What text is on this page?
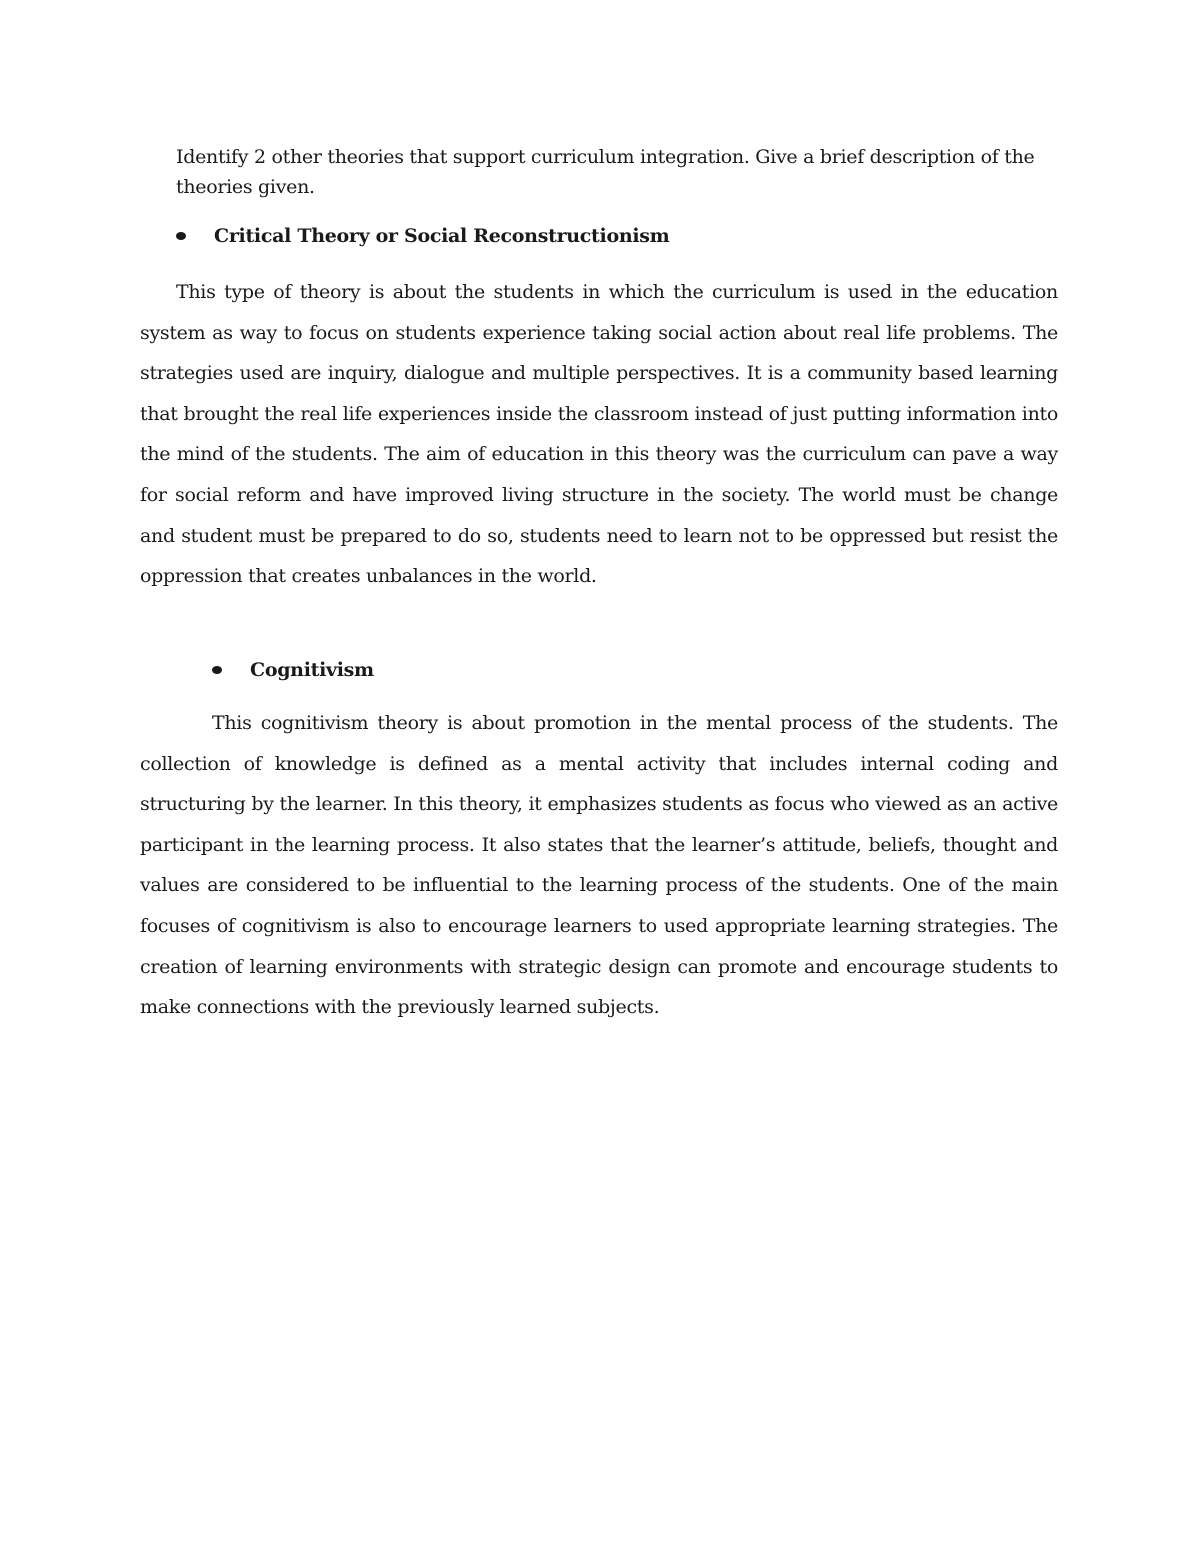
Identify 2 other theories that support curriculum integration. Give a brief description of the theories given.
Critical Theory or Social Reconstructionism

This type of theory is about the students in which the curriculum is used in the education system as way to focus on students experience taking social action about real life problems. The strategies used are inquiry, dialogue and multiple perspectives. It is a community based learning that brought the real life experiences inside the classroom instead of just putting information into the mind of the students. The aim of education in this theory was the curriculum can pave a way for social reform and have improved living structure in the society. The world must be change and student must be prepared to do so, students need to learn not to be oppressed but resist the oppression that creates unbalances in the world.

Cognitivism

This cognitivism theory is about promotion in the mental process of the students. The collection of knowledge is defined as a mental activity that includes internal coding and structuring by the learner. In this theory, it emphasizes students as focus who viewed as an active participant in the learning process. It also states that the learner’s attitude, beliefs, thought and values are considered to be influential to the learning process of the students. One of the main focuses of cognitivism is also to encourage learners to used appropriate learning strategies. The creation of learning environments with strategic design can promote and encourage students to make connections with the previously learned subjects.
